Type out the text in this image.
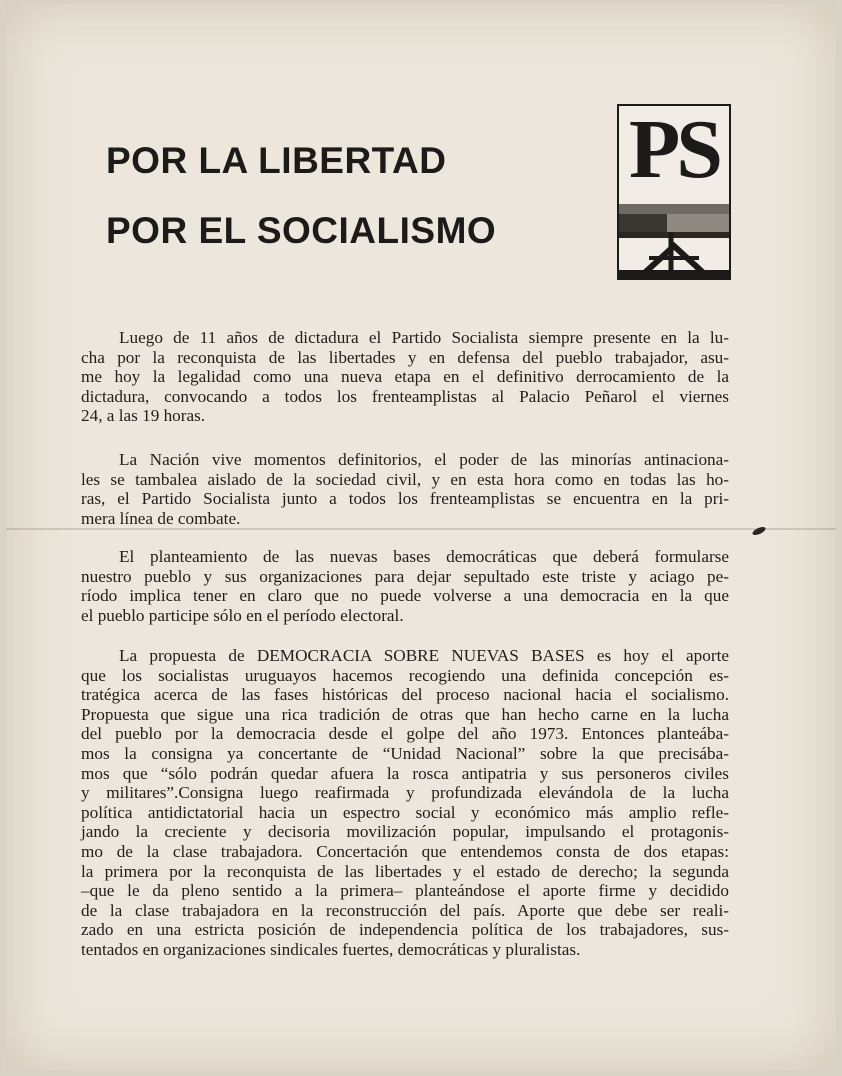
POR LA LIBERTAD
POR EL SOCIALISMO
PS
Luego de 11 años de dictadura el Partido Socialista siempre presente en la lu-
cha por la reconquista de las libertades y en defensa del pueblo trabajador, asu-
me hoy la legalidad como una nueva etapa en el definitivo derrocamiento de la
dictadura, convocando a todos los frenteamplistas al Palacio Peñarol el viernes
24, a las 19 horas.
La Nación vive momentos definitorios, el poder de las minorías antinaciona-
les se tambalea aislado de la sociedad civil, y en esta hora como en todas las ho-
ras, el Partido Socialista junto a todos los frenteamplistas se encuentra en la pri-
mera línea de combate.
El planteamiento de las nuevas bases democráticas que deberá formularse
nuestro pueblo y sus organizaciones para dejar sepultado este triste y aciago pe-
ríodo implica tener en claro que no puede volverse a una democracia en la que
el pueblo participe sólo en el período electoral.
La propuesta de DEMOCRACIA SOBRE NUEVAS BASES es hoy el aporte
que los socialistas uruguayos hacemos recogiendo una definida concepción es-
tratégica acerca de las fases históricas del proceso nacional hacia el socialismo.
Propuesta que sigue una rica tradición de otras que han hecho carne en la lucha
del pueblo por la democracia desde el golpe del año 1973. Entonces planteába-
mos la consigna ya concertante de “Unidad Nacional” sobre la que precisába-
mos que “sólo podrán quedar afuera la rosca antipatria y sus personeros civiles
y militares”.Consigna luego reafirmada y profundizada elevándola de la lucha
política antidictatorial hacia un espectro social y económico más amplio refle-
jando la creciente y decisoria movilización popular, impulsando el protagonis-
mo de la clase trabajadora. Concertación que entendemos consta de dos etapas:
la primera por la reconquista de las libertades y el estado de derecho; la segunda
–que le da pleno sentido a la primera– planteándose el aporte firme y decidido
de la clase trabajadora en la reconstrucción del país. Aporte que debe ser reali-
zado en una estricta posición de independencia política de los trabajadores, sus-
tentados en organizaciones sindicales fuertes, democráticas y pluralistas.
